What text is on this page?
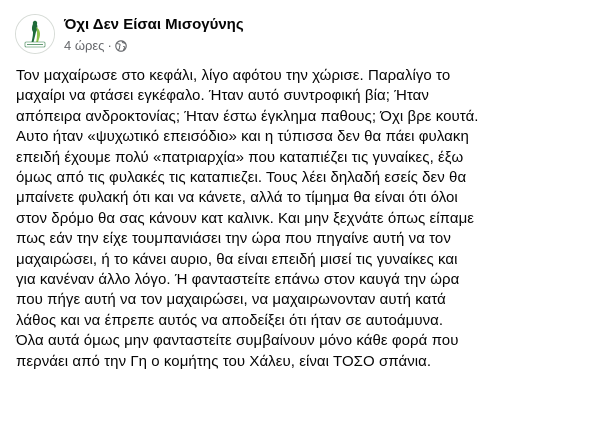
Όχι Δεν Είσαι Μισογύνης
4 ώρες ·
Τον μαχαίρωσε στο κεφάλι, λίγο αφότου την χώρισε. Παραλίγο το
μαχαίρι να φτάσει εγκέφαλο. Ήταν αυτό συντροφική βία; Ήταν
απόπειρα ανδροκτονίας; Ήταν έστω έγκλημα παθους; Όχι βρε κουτά.
Αυτο ήταν «ψυχωτικό επεισόδιο» και η τύπισσα δεν θα πάει φυλακη
επειδή έχουμε πολύ «πατριαρχία» που καταπιέζει τις γυναίκες, έξω
όμως από τις φυλακές τις καταπιεζει. Τους λέει δηλαδή εσείς δεν θα
μπαίνετε φυλακή ότι και να κάνετε, αλλά το τίμημα θα είναι ότι όλοι
στον δρόμο θα σας κάνουν κατ καλινκ. Και μην ξεχνάτε όπως είπαμε
πως εάν την είχε τουμπανιάσει την ώρα που πηγαίνε αυτή να τον
μαχαιρώσει, ή το κάνει αυριο, θα είναι επειδή μισεί τις γυναίκες και
για κανέναν άλλο λόγο. Ή φανταστείτε επάνω στον καυγά την ώρα
που πήγε αυτή να τον μαχαιρώσει, να μαχαιρωνονταν αυτή κατά
λάθος και να έπρεπε αυτός να αποδείξει ότι ήταν σε αυτοάμυνα.
Όλα αυτά όμως μην φανταστείτε συμβαίνουν μόνο κάθε φορά που
περνάει από την Γη ο κομήτης του Χάλευ, είναι ΤΟΣΟ σπάνια.
